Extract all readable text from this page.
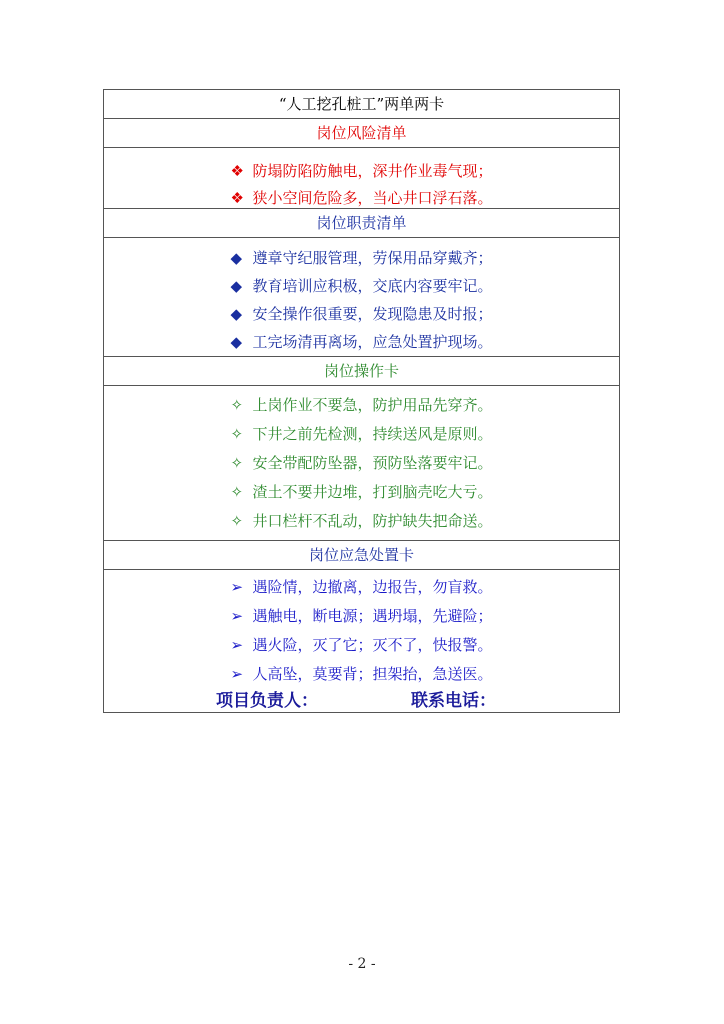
“人工挖孔桩工”两单两卡
岗位风险清单
❖ 防塌防陷防触电，深井作业毒气现；
❖ 狭小空间危险多，当心井口浮石落。
岗位职责清单
◆ 遵章守纪服管理，劳保用品穿戴齐；
◆ 教育培训应积极，交底内容要牢记。
◆ 安全操作很重要，发现隐患及时报；
◆ 工完场清再离场，应急处置护现场。
岗位操作卡
✧ 上岗作业不要急，防护用品先穿齐。
✧ 下井之前先检测，持续送风是原则。
✧ 安全带配防坠器，预防坠落要牢记。
✧ 渣土不要井边堆，打到脑壳吃大亏。
✧ 井口栏杆不乱动，防护缺失把命送。
岗位应急处置卡
➢ 遇险情，边撤离，边报告，勿盲救。
➢ 遇触电，断电源；遇坍塌，先避险；
➢ 遇火险，灭了它；灭不了，快报警。
➢ 人高坠，莫要背；担架抬，急送医。
项目负责人：	联系电话：
- 2 -
